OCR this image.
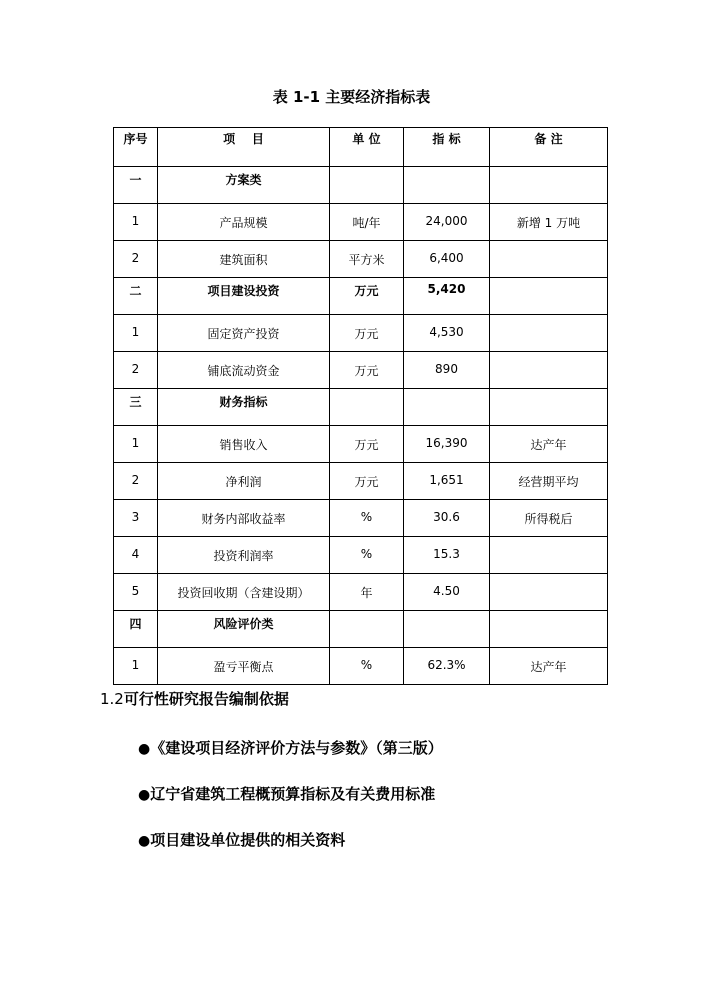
表 1-1 主要经济指标表
序号	项    目	单 位	指 标	备 注

一	方案类			

1	产品规模	吨/年	24,000	新增 1 万吨

2	建筑面积	平方米	6,400	

二	项目建设投资	万元	5,420	

1	固定资产投资	万元	4,530	

2	铺底流动资金	万元	890	

三	财务指标			

1	销售收入	万元	16,390	达产年

2	净利润	万元	1,651	经营期平均

3	财务内部收益率	%	30.6	所得税后

4	投资利润率	%	15.3	

5	投资回收期（含建设期）	年	4.50	

四	风险评价类			

1	盈亏平衡点	%	62.3%	达产年
1.2可行性研究报告编制依据
●《建设项目经济评价方法与参数》（第三版）
●辽宁省建筑工程概预算指标及有关费用标准
●项目建设单位提供的相关资料
